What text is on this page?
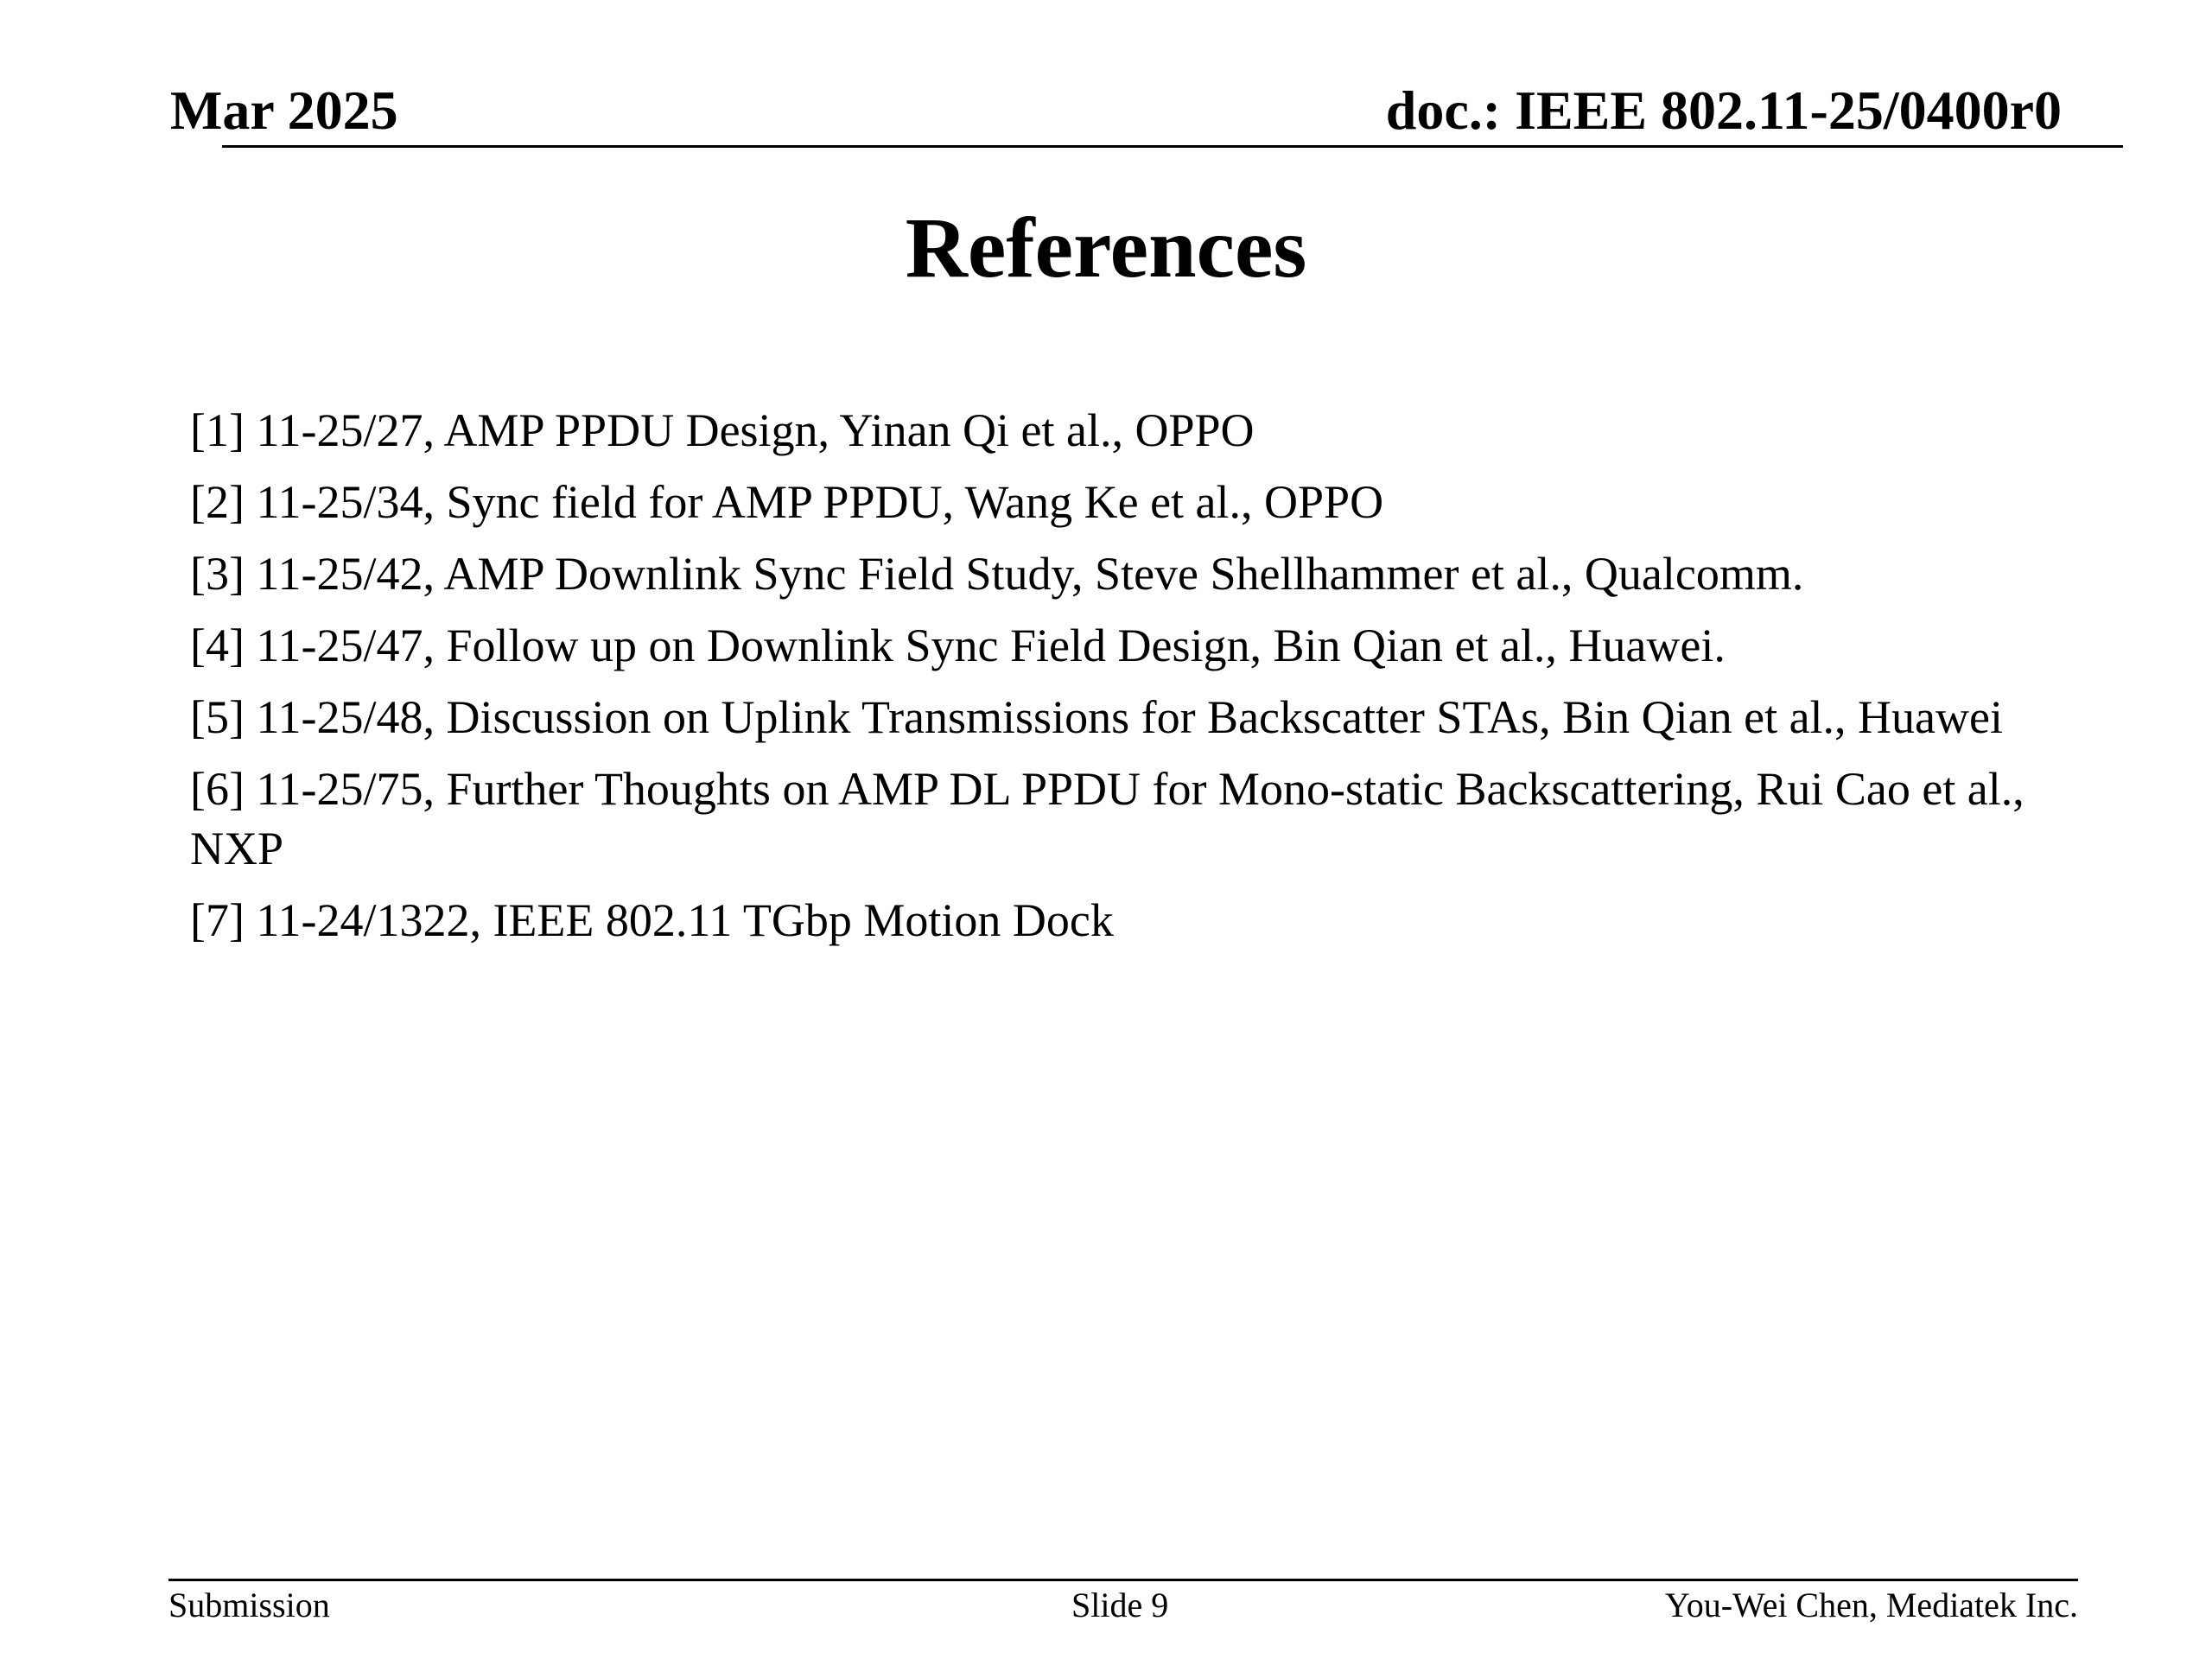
Mar 2025	doc.: IEEE 802.11-25/0400r0
References
[1] 11-25/27, AMP PPDU Design, Yinan Qi et al., OPPO
[2] 11-25/34, Sync field for AMP PPDU, Wang Ke et al., OPPO
[3] 11-25/42, AMP Downlink Sync Field Study, Steve Shellhammer et al., Qualcomm.
[4] 11-25/47, Follow up on Downlink Sync Field Design, Bin Qian et al., Huawei.
[5] 11-25/48, Discussion on Uplink Transmissions for Backscatter STAs, Bin Qian et al., Huawei
[6] 11-25/75, Further Thoughts on AMP DL PPDU for Mono-static Backscattering, Rui Cao et al., NXP
[7] 11-24/1322, IEEE 802.11 TGbp Motion Dock
Submission	Slide 9	You-Wei Chen, Mediatek Inc.
